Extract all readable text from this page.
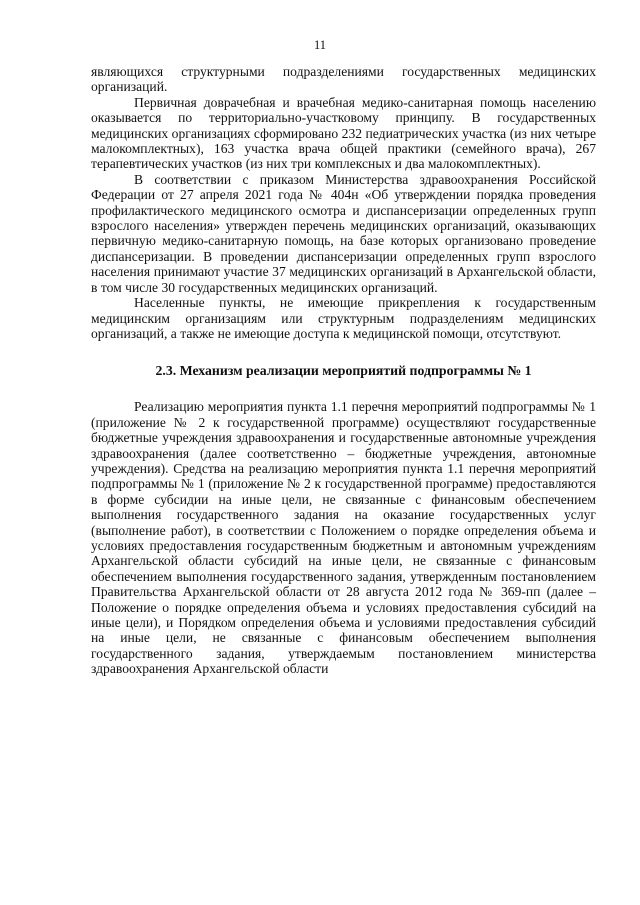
11

являющихся структурными подразделениями государственных медицинских организаций.

Первичная доврачебная и врачебная медико-санитарная помощь населению оказывается по территориально-участковому принципу. В государственных медицинских организациях сформировано 232 педиатрических участка (из них четыре малокомплектных), 163 участка врача общей практики (семейного врача), 267 терапевтических участков (из них три комплексных и два малокомплектных).

В соответствии с приказом Министерства здравоохранения Российской Федерации от 27 апреля 2021 года № 404н «Об утверждении порядка проведения профилактического медицинского осмотра и диспансеризации определенных групп взрослого населения» утвержден перечень медицинских организаций, оказывающих первичную медико-санитарную помощь, на базе которых организовано проведение диспансеризации. В проведении диспансеризации определенных групп взрослого населения принимают участие 37 медицинских организаций в Архангельской области, в том числе 30 государственных медицинских организаций.

Населенные пункты, не имеющие прикрепления к государственным медицинским организациям или структурным подразделениям медицинских организаций, а также не имеющие доступа к медицинской помощи, отсутствуют.

2.3. Механизм реализации мероприятий подпрограммы № 1

Реализацию мероприятия пункта 1.1 перечня мероприятий подпрограммы № 1 (приложение № 2 к государственной программе) осуществляют государственные бюджетные учреждения здравоохранения и государственные автономные учреждения здравоохранения (далее соответственно – бюджетные учреждения, автономные учреждения). Средства на реализацию мероприятия пункта 1.1 перечня мероприятий подпрограммы № 1 (приложение № 2 к государственной программе) предоставляются в форме субсидии на иные цели, не связанные с финансовым обеспечением выполнения государственного задания на оказание государственных услуг (выполнение работ), в соответствии с Положением о порядке определения объема и условиях предоставления государственным бюджетным и автономным учреждениям Архангельской области субсидий на иные цели, не связанные с финансовым обеспечением выполнения государственного задания, утвержденным постановлением Правительства Архангельской области от 28 августа 2012 года № 369-пп (далее – Положение о порядке определения объема и условиях предоставления субсидий на иные цели), и Порядком определения объема и условиями предоставления субсидий на иные цели, не связанные с финансовым обеспечением выполнения государственного задания, утверждаемым постановлением министерства здравоохранения Архангельской области
